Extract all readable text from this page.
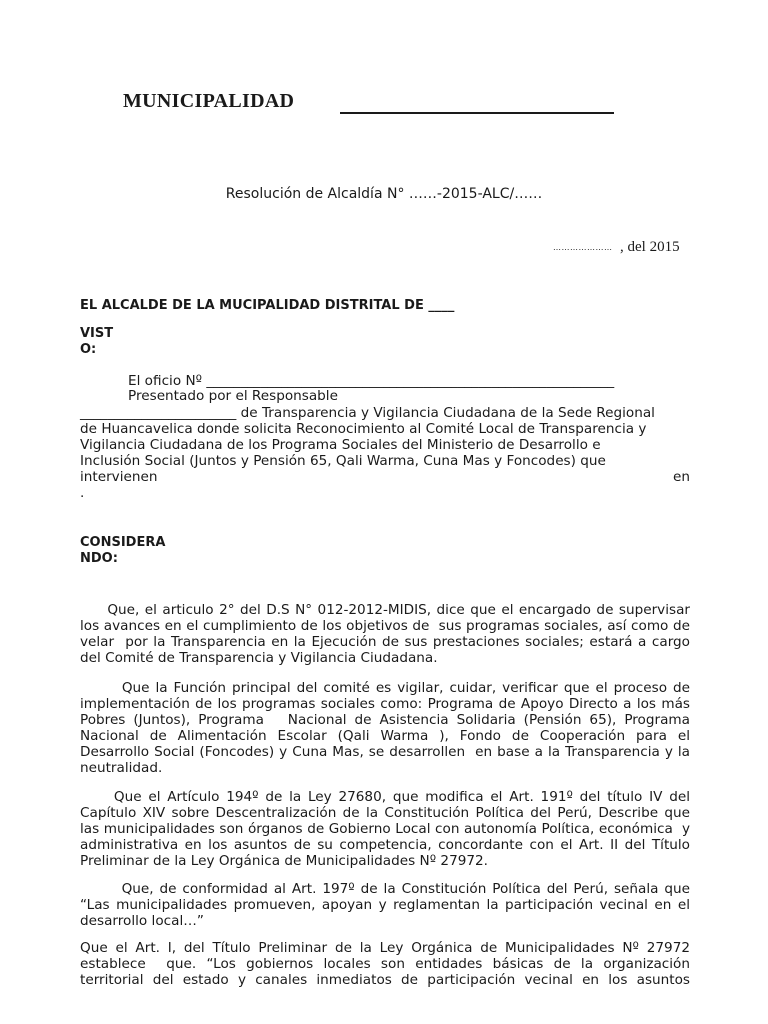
MUNICIPALIDAD
Resolución de Alcaldía N° ……-2015-ALC/……
………………… , del 2015
EL ALCALDE DE LA MUCIPALIDAD DISTRITAL DE ____
VIST
O:
El oficio Nº ____________________________________________________________
Presentado por el Responsable
_______________________ de Transparencia y Vigilancia Ciudadana de la Sede Regional
de Huancavelica donde solicita Reconocimiento al Comité Local de Transparencia y
Vigilancia Ciudadana de los Programa Sociales del Ministerio de Desarrollo e
Inclusión Social (Juntos y Pensión 65, Qali Warma, Cuna Mas y Foncodes) que
intervienen	en
.
CONSIDERA
NDO:
Que, el articulo 2° del D.S N° 012-2012-MIDIS, dice que el encargado de supervisar los avances en el cumplimiento de los objetivos de  sus programas sociales, así como de velar  por la Transparencia en la Ejecución de sus prestaciones sociales; estará a cargo del Comité de Transparencia y Vigilancia Ciudadana.
Que la Función principal del comité es vigilar, cuidar, verificar que el proceso de implementación de los programas sociales como: Programa de Apoyo Directo a los más Pobres (Juntos), Programa   Nacional de Asistencia Solidaria (Pensión 65), Programa Nacional de Alimentación Escolar (Qali Warma ), Fondo de Cooperación para el  Desarrollo Social (Foncodes) y Cuna Mas, se desarrollen  en base a la Transparencia y la neutralidad.
Que el Artículo 194º de la Ley 27680, que modifica el Art. 191º del título IV del Capítulo XIV sobre Descentralización de la Constitución Política del Perú, Describe que las municipalidades son órganos de Gobierno Local con autonomía Política, económica  y administrativa en los asuntos de su competencia, concordante con el Art. II del Título Preliminar de la Ley Orgánica de Municipalidades Nº 27972.
Que, de conformidad al Art. 197º de la Constitución Política del Perú, señala que “Las municipalidades promueven, apoyan y reglamentan la participación vecinal en el desarrollo local…”
Que el Art. I, del Título Preliminar de la Ley Orgánica de Municipalidades Nº 27972 establece  que. “Los gobiernos locales son entidades básicas de la organización territorial del estado y canales inmediatos de participación vecinal en los asuntos
